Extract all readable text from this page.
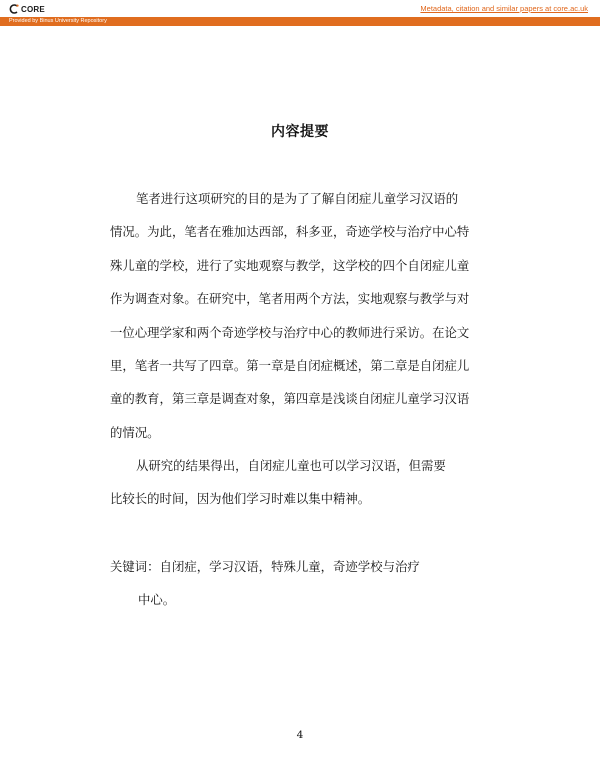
CORE	Metadata, citation and similar papers at core.ac.uk
Provided by Binus University Repository
内容提要
笔者进行这项研究的目的是为了了解自闭症儿童学习汉语的
情况。为此，笔者在雅加达西部，科多亚，奇迹学校与治疗中心特
殊儿童的学校，进行了实地观察与教学，这学校的四个自闭症儿童
作为调查对象。在研究中，笔者用两个方法，实地观察与教学与对
一位心理学家和两个奇迹学校与治疗中心的教师进行采访。在论文
里，笔者一共写了四章。第一章是自闭症概述，第二章是自闭症儿
童的教育，第三章是调查对象，第四章是浅谈自闭症儿童学习汉语
的情况。
从研究的结果得出，自闭症儿童也可以学习汉语，但需要
比较长的时间，因为他们学习时难以集中精神。
关键词：自闭症，学习汉语，特殊儿童，奇迹学校与治疗
中心。
4
